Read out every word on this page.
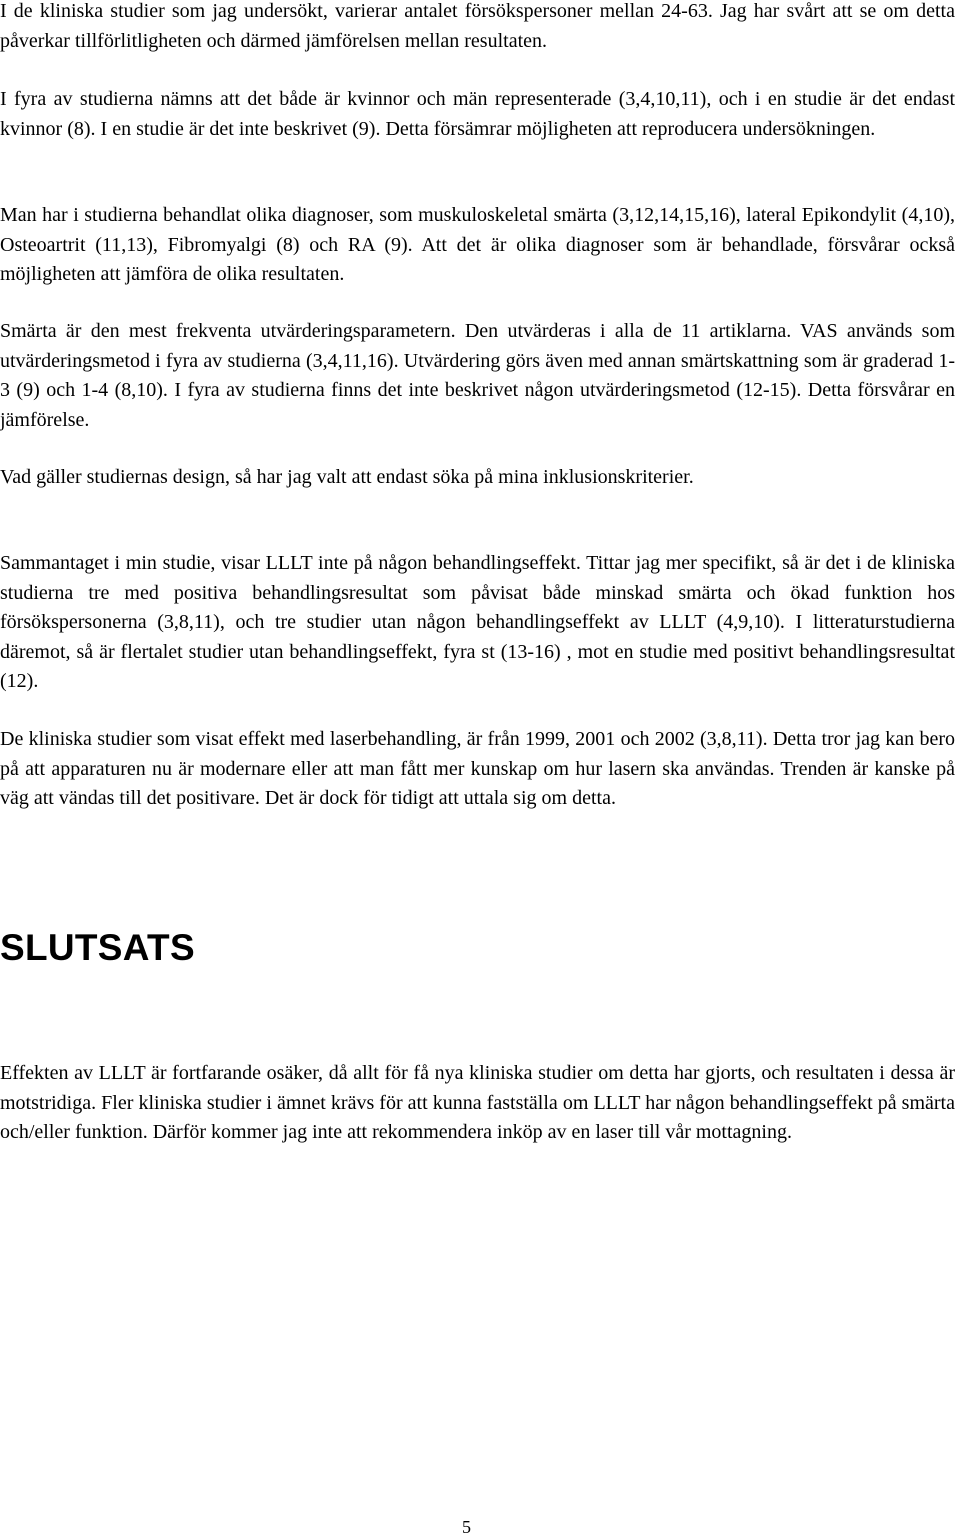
I de kliniska studier som jag undersökt, varierar antalet försökspersoner mellan 24-63. Jag har svårt att se om detta påverkar tillförlitligheten och därmed jämförelsen mellan resultaten.

I fyra av studierna nämns att det både är kvinnor och män representerade (3,4,10,11), och i en studie är det endast kvinnor (8). I en studie är det inte beskrivet (9). Detta försämrar möjligheten att reproducera undersökningen.

Man har i studierna behandlat olika diagnoser, som muskuloskeletal smärta (3,12,14,15,16), lateral Epikondylit (4,10), Osteoartrit (11,13), Fibromyalgi (8) och RA (9). Att det är olika diagnoser som är behandlade, försvårar också möjligheten att jämföra de olika resultaten.

Smärta är den mest frekventa utvärderingsparametern. Den utvärderas i alla de 11 artiklarna. VAS används som utvärderingsmetod i fyra av studierna (3,4,11,16). Utvärdering görs även med annan smärtskattning som är graderad 1-3 (9) och 1-4 (8,10). I fyra av studierna finns det inte beskrivet någon utvärderingsmetod (12-15). Detta försvårar en jämförelse.

Vad gäller studiernas design, så har jag valt att endast söka på mina inklusionskriterier.

Sammantaget i min studie, visar LLLT inte på någon behandlingseffekt. Tittar jag mer specifikt, så är det i de kliniska studierna tre med positiva behandlingsresultat som påvisat både minskad smärta och ökad funktion hos försökspersonerna (3,8,11), och tre studier utan någon behandlingseffekt av LLLT (4,9,10). I litteraturstudierna däremot, så är flertalet studier utan behandlingseffekt, fyra st (13-16) , mot en studie med positivt behandlingsresultat (12).

De kliniska studier som visat effekt med laserbehandling, är från 1999, 2001 och 2002 (3,8,11). Detta tror jag kan bero på att apparaturen nu är modernare eller att man fått mer kunskap om hur lasern ska användas. Trenden är kanske på väg att vändas till det positivare. Det är dock för tidigt att uttala sig om detta.

SLUTSATS

Effekten av LLLT är fortfarande osäker, då allt för få nya kliniska studier om detta har gjorts, och resultaten i dessa är motstridiga. Fler kliniska studier i ämnet krävs för att kunna fastställa om LLLT har någon behandlingseffekt på smärta och/eller funktion. Därför kommer jag inte att rekommendera inköp av en laser till vår mottagning.

5
